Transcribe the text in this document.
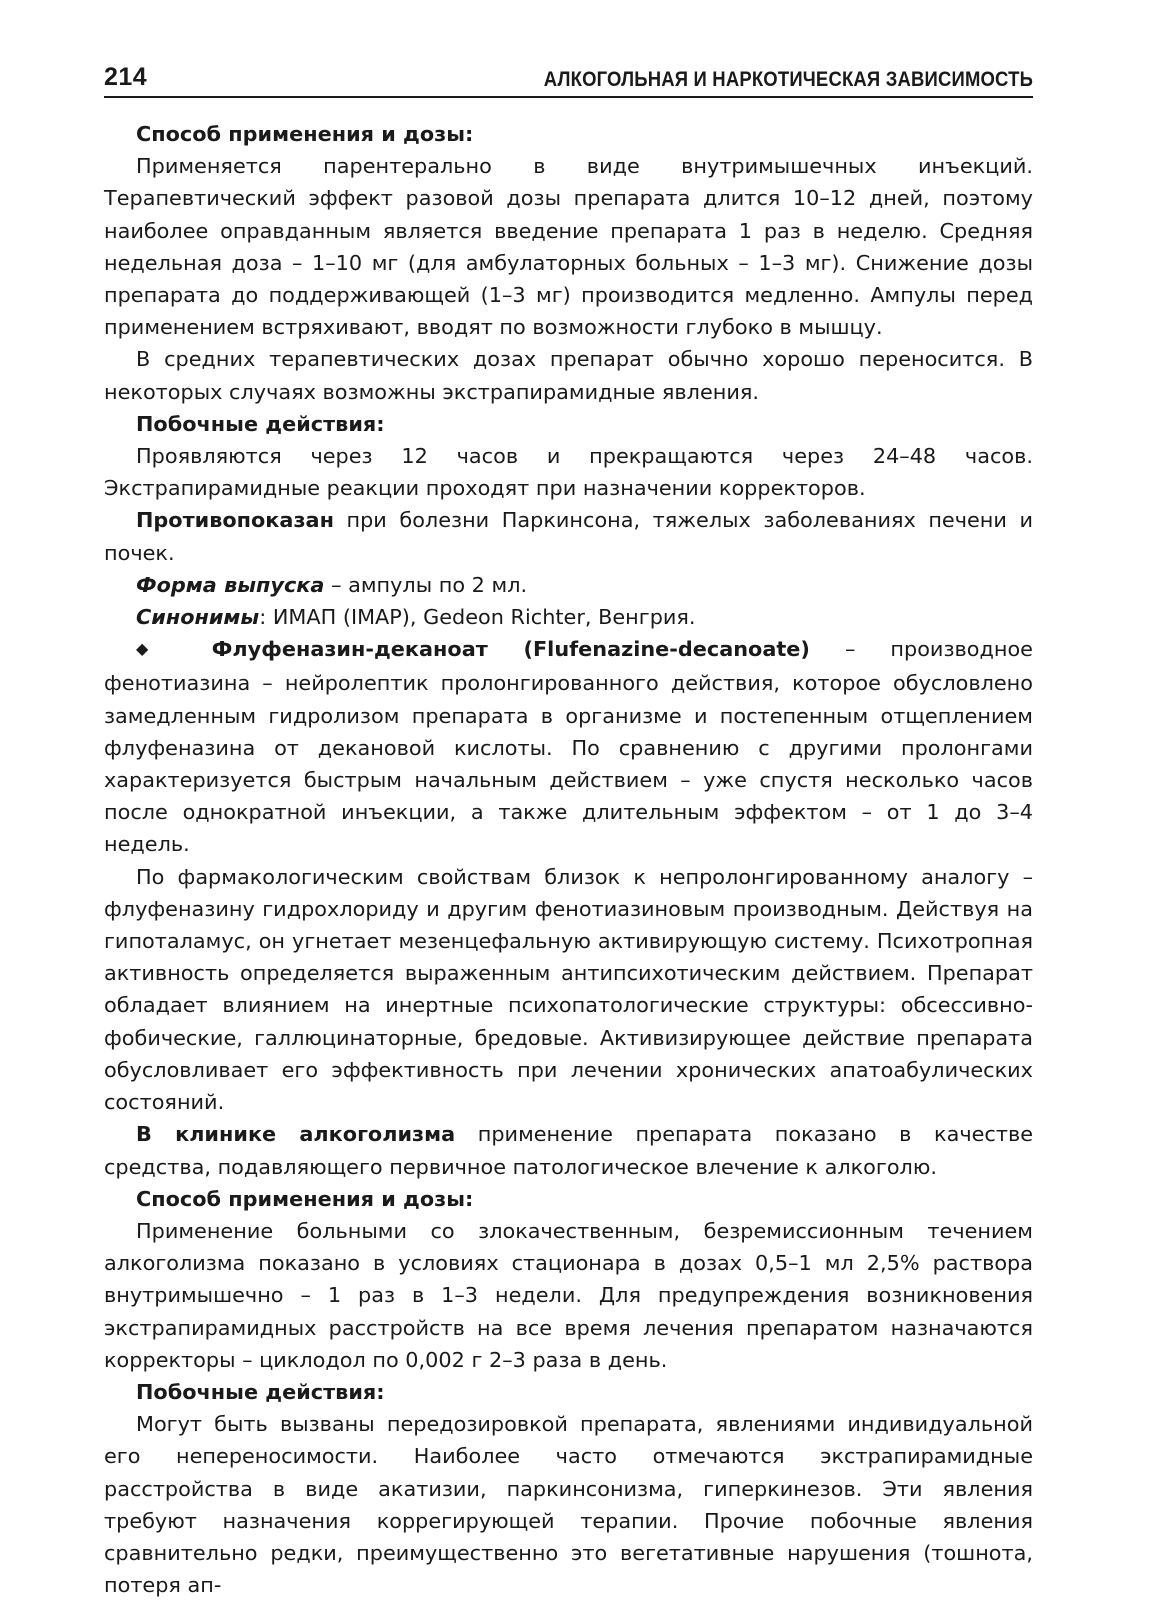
214	АЛКОГОЛЬНАЯ И НАРКОТИЧЕСКАЯ ЗАВИСИМОСТЬ

Способ применения и дозы:

Применяется парентерально в виде внутримышечных инъекций. Терапевтический эффект разовой дозы препарата длится 10–12 дней, поэтому наиболее оправданным является введение препарата 1 раз в неделю. Средняя недельная доза – 1–10 мг (для амбулаторных больных – 1–3 мг). Снижение дозы препарата до поддерживающей (1–3 мг) производится медленно. Ампулы перед применением встряхивают, вводят по возможности глубоко в мышцу.

В средних терапевтических дозах препарат обычно хорошо переносится. В некоторых случаях возможны экстрапирамидные явления.

Побочные действия:

Проявляются через 12 часов и прекращаются через 24–48 часов. Экстрапирамидные реакции проходят при назначении корректоров.

Противопоказан при болезни Паркинсона, тяжелых заболеваниях печени и почек.

Форма выпуска – ампулы по 2 мл.

Синонимы: ИМАП (IMAP), Gedeon Richter, Венгрия.

◆ Флуфеназин-деканоат (Flufenazine-decanoate) – производное фенотиазина – нейролептик пролонгированного действия, которое обусловлено замедленным гидролизом препарата в организме и постепенным отщеплением флуфеназина от декановой кислоты. По сравнению с другими пролонгами характеризуется быстрым начальным действием – уже спустя несколько часов после однократной инъекции, а также длительным эффектом – от 1 до 3–4 недель.

По фармакологическим свойствам близок к непролонгированному аналогу – флуфеназину гидрохлориду и другим фенотиазиновым производным. Действуя на гипоталамус, он угнетает мезенцефальную активирующую систему. Психотропная активность определяется выраженным антипсихотическим действием. Препарат обладает влиянием на инертные психопатологические структуры: обсессивно-фобические, галлюцинаторные, бредовые. Активизирующее действие препарата обусловливает его эффективность при лечении хронических апатоабулических состояний.

В клинике алкоголизма применение препарата показано в качестве средства, подавляющего первичное патологическое влечение к алкоголю.

Способ применения и дозы:

Применение больными со злокачественным, безремиссионным течением алкоголизма показано в условиях стационара в дозах 0,5–1 мл 2,5% раствора внутримышечно – 1 раз в 1–3 недели. Для предупреждения возникновения экстрапирамидных расстройств на все время лечения препаратом назначаются корректоры – циклодол по 0,002 г 2–3 раза в день.

Побочные действия:

Могут быть вызваны передозировкой препарата, явлениями индивидуальной его непереносимости. Наиболее часто отмечаются экстрапирамидные расстройства в виде акатизии, паркинсонизма, гиперкинезов. Эти явления требуют назначения коррегирующей терапии. Прочие побочные явления сравнительно редки, преимущественно это вегетативные нарушения (тошнота, потеря ап-
